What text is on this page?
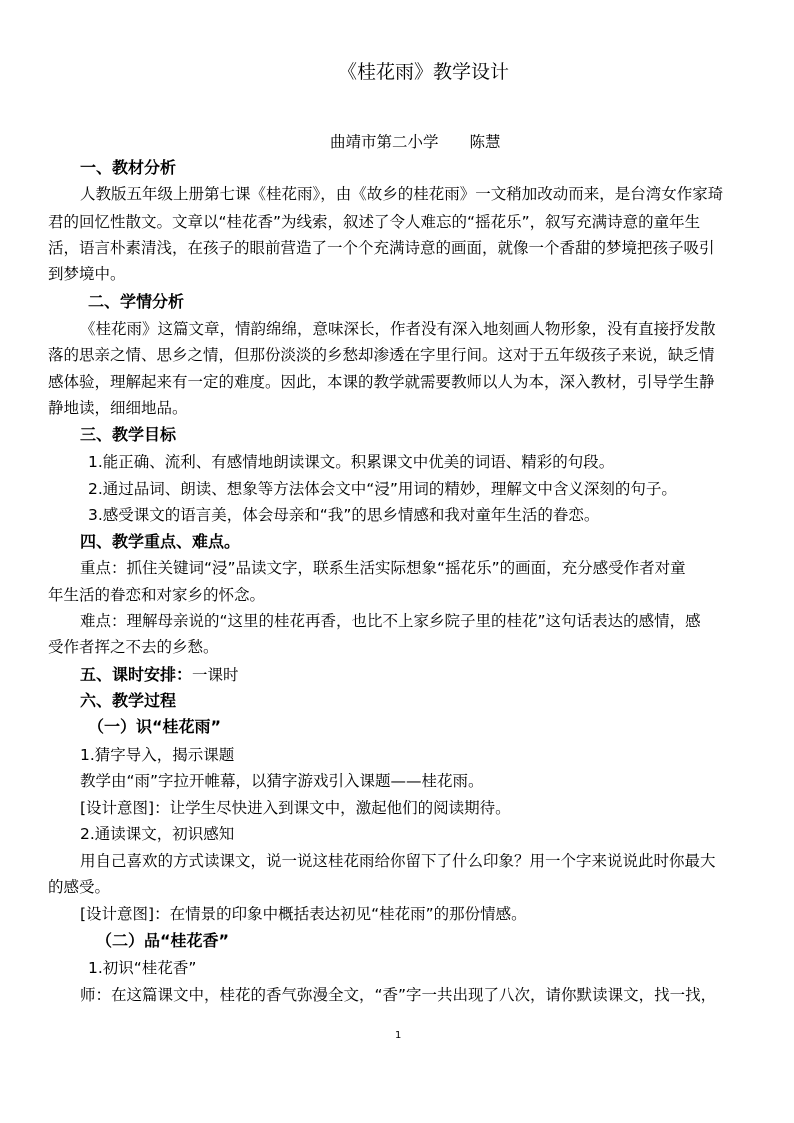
《桂花雨》教学设计
曲靖市第二小学　　陈慧
一、教材分析
人教版五年级上册第七课《桂花雨》，由《故乡的桂花雨》一文稍加改动而来，是台湾女作家琦
君的回忆性散文。文章以“桂花香”为线索，叙述了令人难忘的“摇花乐”，叙写充满诗意的童年生
活，语言朴素清浅，在孩子的眼前营造了一个个充满诗意的画面，就像一个香甜的梦境把孩子吸引
到梦境中。
二、学情分析
《桂花雨》这篇文章，情韵绵绵，意味深长，作者没有深入地刻画人物形象，没有直接抒发散
落的思亲之情、思乡之情，但那份淡淡的乡愁却渗透在字里行间。这对于五年级孩子来说，缺乏情
感体验，理解起来有一定的难度。因此，本课的教学就需要教师以人为本，深入教材，引导学生静
静地读，细细地品。
三、教学目标
1.能正确、流利、有感情地朗读课文。积累课文中优美的词语、精彩的句段。
2.通过品词、朗读、想象等方法体会文中“浸”用词的精妙，理解文中含义深刻的句子。
3.感受课文的语言美，体会母亲和“我”的思乡情感和我对童年生活的眷恋。
四、教学重点、难点。
重点：抓住关键词“浸”品读文字，联系生活实际想象“摇花乐”的画面，充分感受作者对童
年生活的眷恋和对家乡的怀念。
难点：理解母亲说的“这里的桂花再香，也比不上家乡院子里的桂花”这句话表达的感情，感
受作者挥之不去的乡愁。
五、课时安排：一课时
六、教学过程
（一）识“桂花雨”
1.猜字导入，揭示课题
教学由“雨”字拉开帷幕，以猜字游戏引入课题——桂花雨。
[设计意图]：让学生尽快进入到课文中，激起他们的阅读期待。
2.通读课文，初识感知
用自己喜欢的方式读课文，说一说这桂花雨给你留下了什么印象？用一个字来说说此时你最大
的感受。
[设计意图]：在情景的印象中概括表达初见“桂花雨”的那份情感。
（二）品“桂花香”
1.初识“桂花香”
师：在这篇课文中，桂花的香气弥漫全文，“香”字一共出现了八次，请你默读课文，找一找，
1
